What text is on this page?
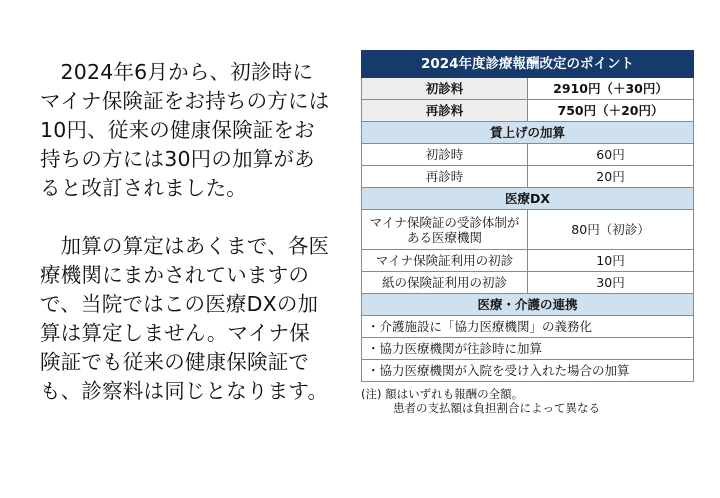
2024年6月から、初診時にマイナ保険証をお持ちの方には10円、従来の健康保険証をお持ちの方には30円の加算があると改訂されました。

加算の算定はあくまで、各医療機関にまかされていますので、当院ではこの医療DXの加算は算定しません。マイナ保険証でも従来の健康保険証でも、診察料は同じとなります。

2024年度診療報酬改定のポイント	
初診料	2910円（＋30円）
再診料	750円（＋20円）
賃上げの加算	
初診時	60円
再診時	20円
医療DX	
マイナ保険証の受診体制がある医療機関	80円（初診）
マイナ保険証利用の初診	10円
紙の保険証利用の初診	30円
医療・介護の連携	
・介護施設に「協力医療機関」の義務化	
・協力医療機関が往診時に加算	
・協力医療機関が入院を受け入れた場合の加算	
(注) 額はいずれも報酬の全額。
患者の支払額は負担割合によって異なる
